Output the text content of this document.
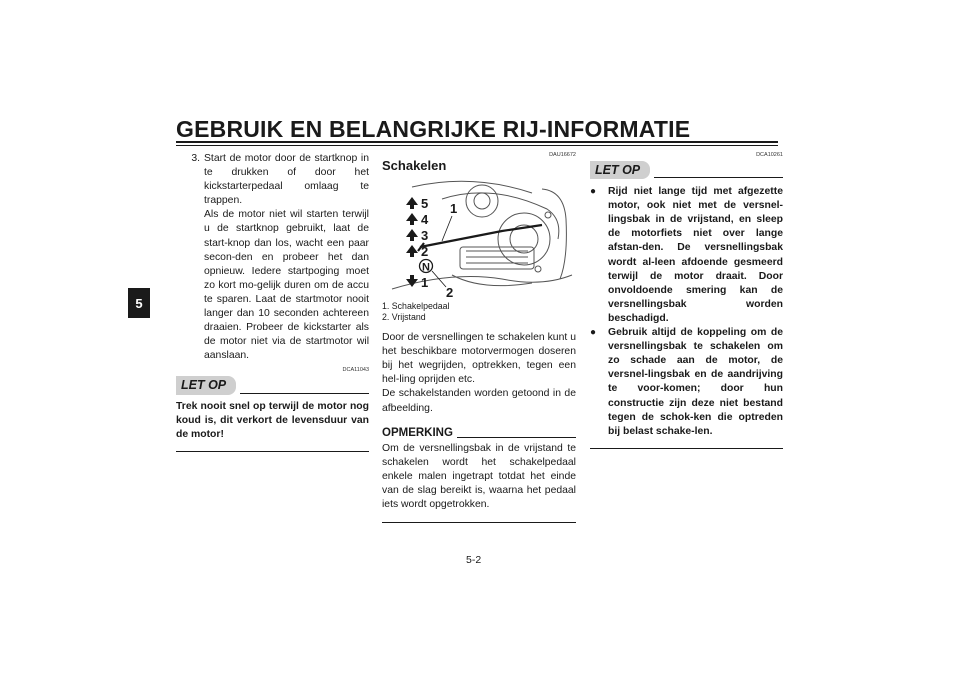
GEBRUIK EN BELANGRIJKE RIJ-INFORMATIE
5
3. Start de motor door de startknop in te drukken of door het kickstarterpedaal omlaag te trappen.
Als de motor niet wil starten terwijl u de startknop gebruikt, laat de start-knop dan los, wacht een paar secon-den en probeer het dan opnieuw. Iedere startpoging moet zo kort mo-gelijk duren om de accu te sparen. Laat de startmotor nooit langer dan 10 seconden achtereen draaien. Probeer de kickstarter als de motor niet via de startmotor wil aanslaan.
DCA11043
LET OP
Trek nooit snel op terwijl de motor nog koud is, dit verkort de levensduur van de motor!
DAU16672
Schakelen
5
4
3
2
N
1
1
2
1. Schakelpedaal
2. Vrijstand

Door de versnellingen te schakelen kunt u het beschikbare motorvermogen doseren bij het wegrijden, optrekken, tegen een hel-ling oprijden etc.

De schakelstanden worden getoond in de afbeelding.

OPMERKING

Om de versnellingsbak in de vrijstand te schakelen wordt het schakelpedaal enkele malen ingetrapt totdat het einde van de slag bereikt is, waarna het pedaal iets wordt opgetrokken.

DCA10261
LET OP
●	Rijd niet lange tijd met afgezette motor, ook niet met de versnel-lingsbak in de vrijstand, en sleep de motorfiets niet over lange afstan-den. De versnellingsbak wordt al-leen afdoende gesmeerd terwijl de motor draait. Door onvoldoende smering kan de versnellingsbak worden beschadigd.
●	Gebruik altijd de koppeling om de versnellingsbak te schakelen om zo schade aan de motor, de versnel-lingsbak en de aandrijving te voor-komen; door hun constructie zijn deze niet bestand tegen de schok-ken die optreden bij belast schake-len.
5-2
